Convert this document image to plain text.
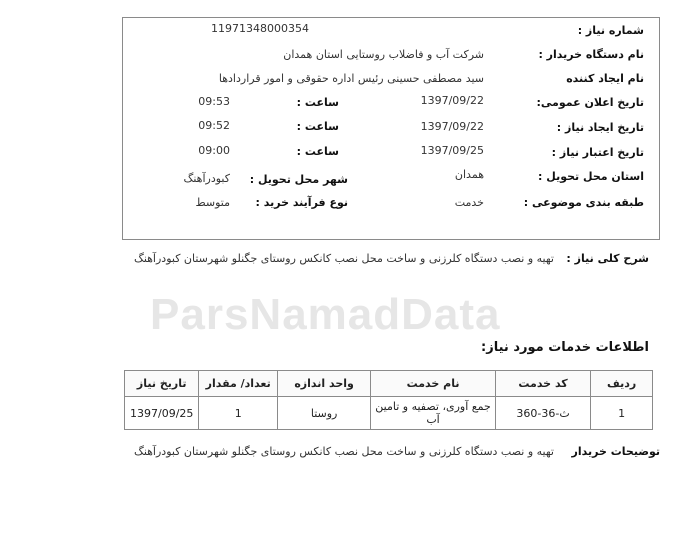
ParsNamadData
شماره نیاز :
11971348000354
نام دستگاه خریدار :
شرکت آب و فاضلاب روستایی استان همدان
نام ایجاد کننده
سید مصطفی حسینی رئیس اداره حقوقی و امور قراردادها
تاریخ اعلان عمومی:
1397/09/22
ساعت :
09:53
تاریخ ایجاد نیاز :
1397/09/22
ساعت :
09:52
تاریخ اعتبار نیاز :
1397/09/25
ساعت :
09:00
استان محل تحویل :
همدان
شهر محل تحویل :
کبودرآهنگ
طبقه بندی موضوعی :
خدمت
نوع فرآیند خرید :
متوسط
شرح کلی نیاز :
تهیه و نصب دستگاه کلرزنی و ساخت محل نصب کانکس روستای جگنلو شهرستان کبودرآهنگ
اطلاعات خدمات مورد نیاز:
ردیف	کد خدمت	نام خدمت	واحد اندازه	تعداد/ مقدار	تاریخ نیاز
1	ث-36-360	جمع آوری، تصفیه و تامین آب	روستا	1	1397/09/25
توضیحات خریدار
تهیه و نصب دستگاه کلرزنی و ساخت محل نصب کانکس روستای جگنلو شهرستان کبودرآهنگ
